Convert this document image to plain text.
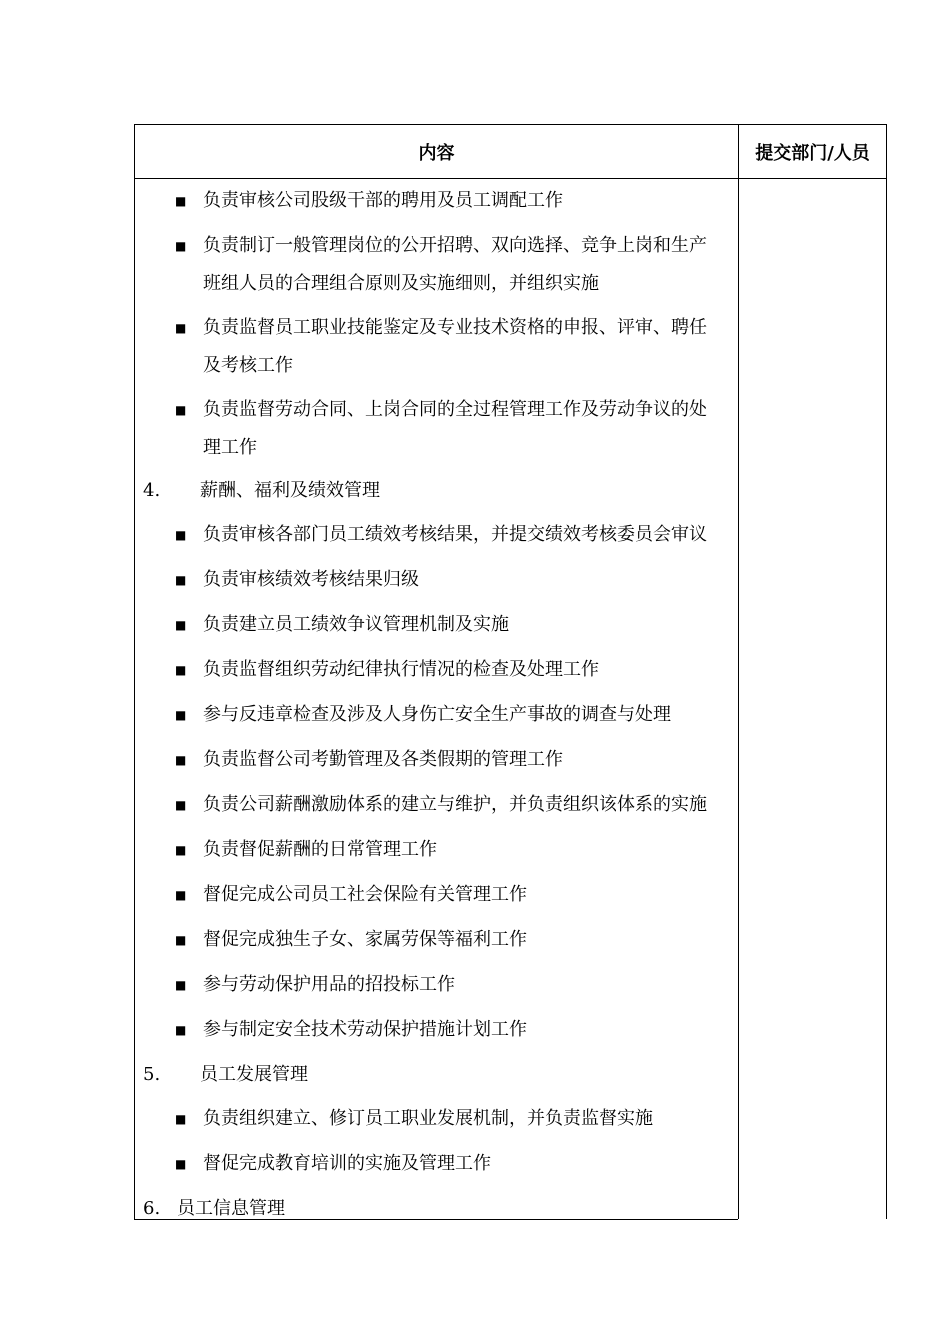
内容	提交部门/人员
■ 负责审核公司股级干部的聘用及员工调配工作
■ 负责制订一般管理岗位的公开招聘、双向选择、竞争上岗和生产
班组人员的合理组合原则及实施细则，并组织实施
■ 负责监督员工职业技能鉴定及专业技术资格的申报、评审、聘任
及考核工作
■ 负责监督劳动合同、上岗合同的全过程管理工作及劳动争议的处
理工作
4. 薪酬、福利及绩效管理
■ 负责审核各部门员工绩效考核结果，并提交绩效考核委员会审议
■ 负责审核绩效考核结果归级
■ 负责建立员工绩效争议管理机制及实施
■ 负责监督组织劳动纪律执行情况的检查及处理工作
■ 参与反违章检查及涉及人身伤亡安全生产事故的调查与处理
■ 负责监督公司考勤管理及各类假期的管理工作
■ 负责公司薪酬激励体系的建立与维护，并负责组织该体系的实施
■ 负责督促薪酬的日常管理工作
■ 督促完成公司员工社会保险有关管理工作
■ 督促完成独生子女、家属劳保等福利工作
■ 参与劳动保护用品的招投标工作
■ 参与制定安全技术劳动保护措施计划工作
5. 员工发展管理
■ 负责组织建立、修订员工职业发展机制，并负责监督实施
■ 督促完成教育培训的实施及管理工作
6. 员工信息管理
